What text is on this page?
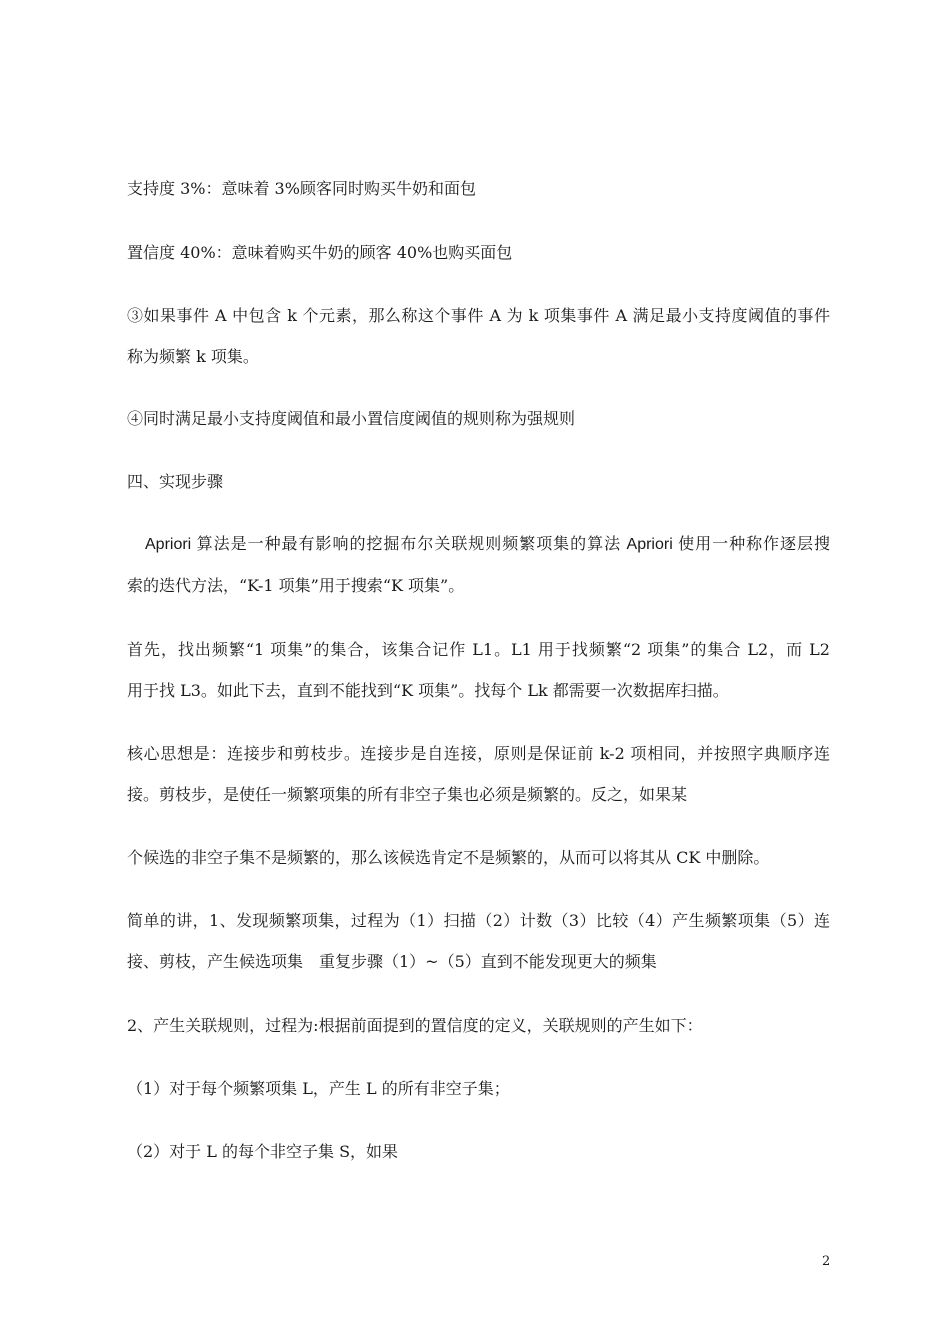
支持度 3%：意味着 3%顾客同时购买牛奶和面包
置信度 40%：意味着购买牛奶的顾客 40%也购买面包
③如果事件 A 中包含 k 个元素，那么称这个事件 A 为 k 项集事件 A 满足最小支持度阈值的事件
称为频繁 k 项集。
④同时满足最小支持度阈值和最小置信度阈值的规则称为强规则
四、实现步骤
Apriori 算法是一种最有影响的挖掘布尔关联规则频繁项集的算法 Apriori 使用一种称作逐层搜
索的迭代方法，“K-1 项集”用于搜索“K 项集”。
首先，找出频繁“1 项集”的集合，该集合记作 L1。L1 用于找频繁“2 项集”的集合 L2，而 L2
用于找 L3。如此下去，直到不能找到“K 项集”。找每个 Lk 都需要一次数据库扫描。
核心思想是：连接步和剪枝步。连接步是自连接，原则是保证前 k-2 项相同，并按照字典顺序连
接。剪枝步，是使任一频繁项集的所有非空子集也必须是频繁的。反之，如果某
个候选的非空子集不是频繁的，那么该候选肯定不是频繁的，从而可以将其从 CK 中删除。
简单的讲，1、发现频繁项集，过程为（1）扫描（2）计数（3）比较（4）产生频繁项集（5）连
接、剪枝，产生候选项集　重复步骤（1）~（5）直到不能发现更大的频集
2、产生关联规则，过程为:根据前面提到的置信度的定义，关联规则的产生如下：
（1）对于每个频繁项集 L，产生 L 的所有非空子集；
（2）对于 L 的每个非空子集 S，如果
2
